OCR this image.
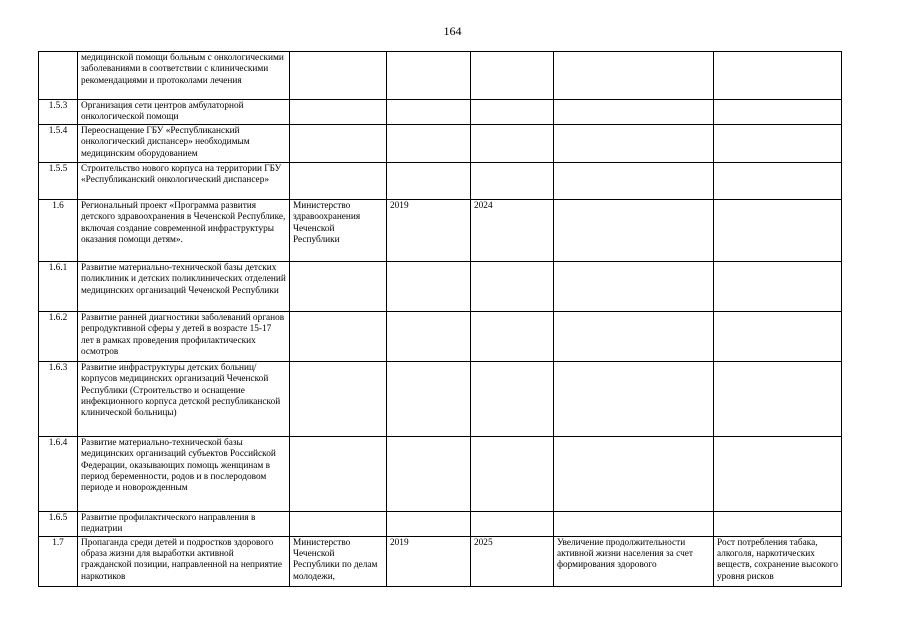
164
	медицинской помощи больным с онкологическими заболеваниями в соответствии с клиническими рекомендациями и протоколами лечения					
1.5.3	Организация сети центров амбулаторной онкологической помощи					
1.5.4	Переоснащение ГБУ «Республиканский онкологический диспансер» необходимым медицинским оборудованием					
1.5.5	Строительство нового корпуса на территории ГБУ «Республиканский онкологический диспансер»					
1.6	Региональный проект «Программа развития детского здравоохранения в Чеченской Республике, включая создание современной инфраструктуры оказания помощи детям».	Министерство здравоохранения Чеченской Республики	2019	2024		
1.6.1	Развитие материально-технической базы детских поликлиник и детских поликлинических отделений медицинских организаций Чеченской Республики					
1.6.2	Развитие ранней диагностики заболеваний органов репродуктивной сферы у детей в возрасте 15-17 лет в рамках проведения профилактических осмотров					
1.6.3	Развитие инфраструктуры детских больниц/корпусов медицинских организаций Чеченской Республики (Строительство и оснащение инфекционного корпуса детской республиканской клинической больницы)					
1.6.4	Развитие материально-технической базы медицинских организаций субъектов Российской Федерации, оказывающих помощь женщинам в период беременности, родов и в послеродовом периоде и новорожденным					
1.6.5	Развитие профилактического направления в педиатрии					
1.7	Пропаганда среди детей и подростков здорового образа жизни для выработки активной гражданской позиции, направленной на неприятие наркотиков	Министерство Чеченской Республики по делам молодежи,	2019	2025	Увеличение продолжительности активной жизни населения за счет формирования здорового	Рост потребления табака, алкоголя, наркотических веществ, сохранение высокого уровня рисков
